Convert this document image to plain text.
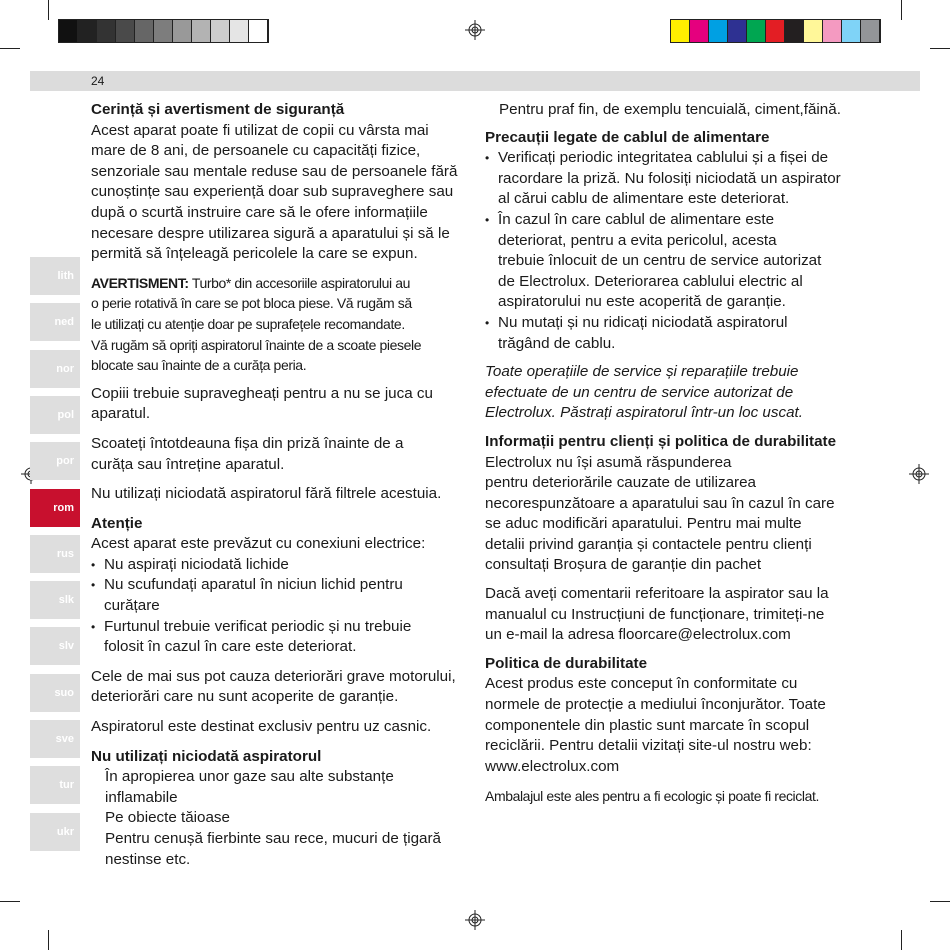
24
lith
ned
nor
pol
por
rom
rus
slk
slv
suo
sve
tur
ukr

Cerință și avertisment de siguranță

Acest aparat poate fi utilizat de copii cu vârsta mai

mare de 8 ani, de persoanele cu capacități fizice,

senzoriale sau mentale reduse sau de persoanele fără

cunoștințe sau experiență doar sub supraveghere sau

după o scurtă instruire care să le ofere informațiile

necesare despre utilizarea sigură a aparatului și să le

permită să înțeleagă pericolele la care se expun.

AVERTISMENT: Turbo* din accesoriile aspiratorului au

o perie rotativă în care se pot bloca piese. Vă rugăm să

le utilizați cu atenție doar pe suprafețele recomandate.

Vă rugăm să opriți aspiratorul înainte de a scoate piesele

blocate sau înainte de a curăța peria.

Copiii trebuie supravegheați pentru a nu se juca cu

aparatul.

Scoateți întotdeauna fișa din priză înainte de a

curăța sau întreține aparatul.

Nu utilizați niciodată aspiratorul fără filtrele acestuia.

Atenție

Acest aparat este prevăzut cu conexiuni electrice:

• Nu aspirați niciodată lichide

• Nu scufundați aparatul în niciun lichid pentru

curățare

• Furtunul trebuie verificat periodic și nu trebuie

folosit în cazul în care este deteriorat.

Cele de mai sus pot cauza deteriorări grave motorului,

deteriorări care nu sunt acoperite de garanție.

Aspiratorul este destinat exclusiv pentru uz casnic.

Nu utilizați niciodată aspiratorul

În apropierea unor gaze sau alte substanțe

inflamabile

Pe obiecte tăioase

Pentru cenușă fierbinte sau rece, mucuri de țigară

nestinse etc.

Pentru praf fin, de exemplu tencuială, ciment,făină.

Precauții legate de cablul de alimentare

• Verificați periodic integritatea cablului și a fișei de

racordare la priză. Nu folosiți niciodată un aspirator

al cărui cablu de alimentare este deteriorat.

• În cazul în care cablul de alimentare este

deteriorat, pentru a evita pericolul, acesta

trebuie înlocuit de un centru de service autorizat

de Electrolux. Deteriorarea cablului electric al

aspiratorului nu este acoperită de garanție.

• Nu mutați și nu ridicați niciodată aspiratorul

trăgând de cablu.

Toate operațiile de service și reparațiile trebuie

efectuate de un centru de service autorizat de

Electrolux. Păstrați aspiratorul într-un loc uscat.

Informații pentru clienți și politica de durabilitate

Electrolux nu își asumă răspunderea

pentru deteriorările cauzate de utilizarea

necorespunzătoare a aparatului sau în cazul în care

se aduc modificări aparatului. Pentru mai multe

detalii privind garanția și contactele pentru clienți

consultați Broșura de garanție din pachet

Dacă aveți comentarii referitoare la aspirator sau la

manualul cu Instrucțiuni de funcționare, trimiteți-ne

un e-mail la adresa floorcare@electrolux.com

Politica de durabilitate

Acest produs este conceput în conformitate cu

normele de protecție a mediului înconjurător. Toate

componentele din plastic sunt marcate în scopul

reciclării. Pentru detalii vizitați site-ul nostru web:

www.electrolux.com

Ambalajul este ales pentru a fi ecologic și poate fi reciclat.
